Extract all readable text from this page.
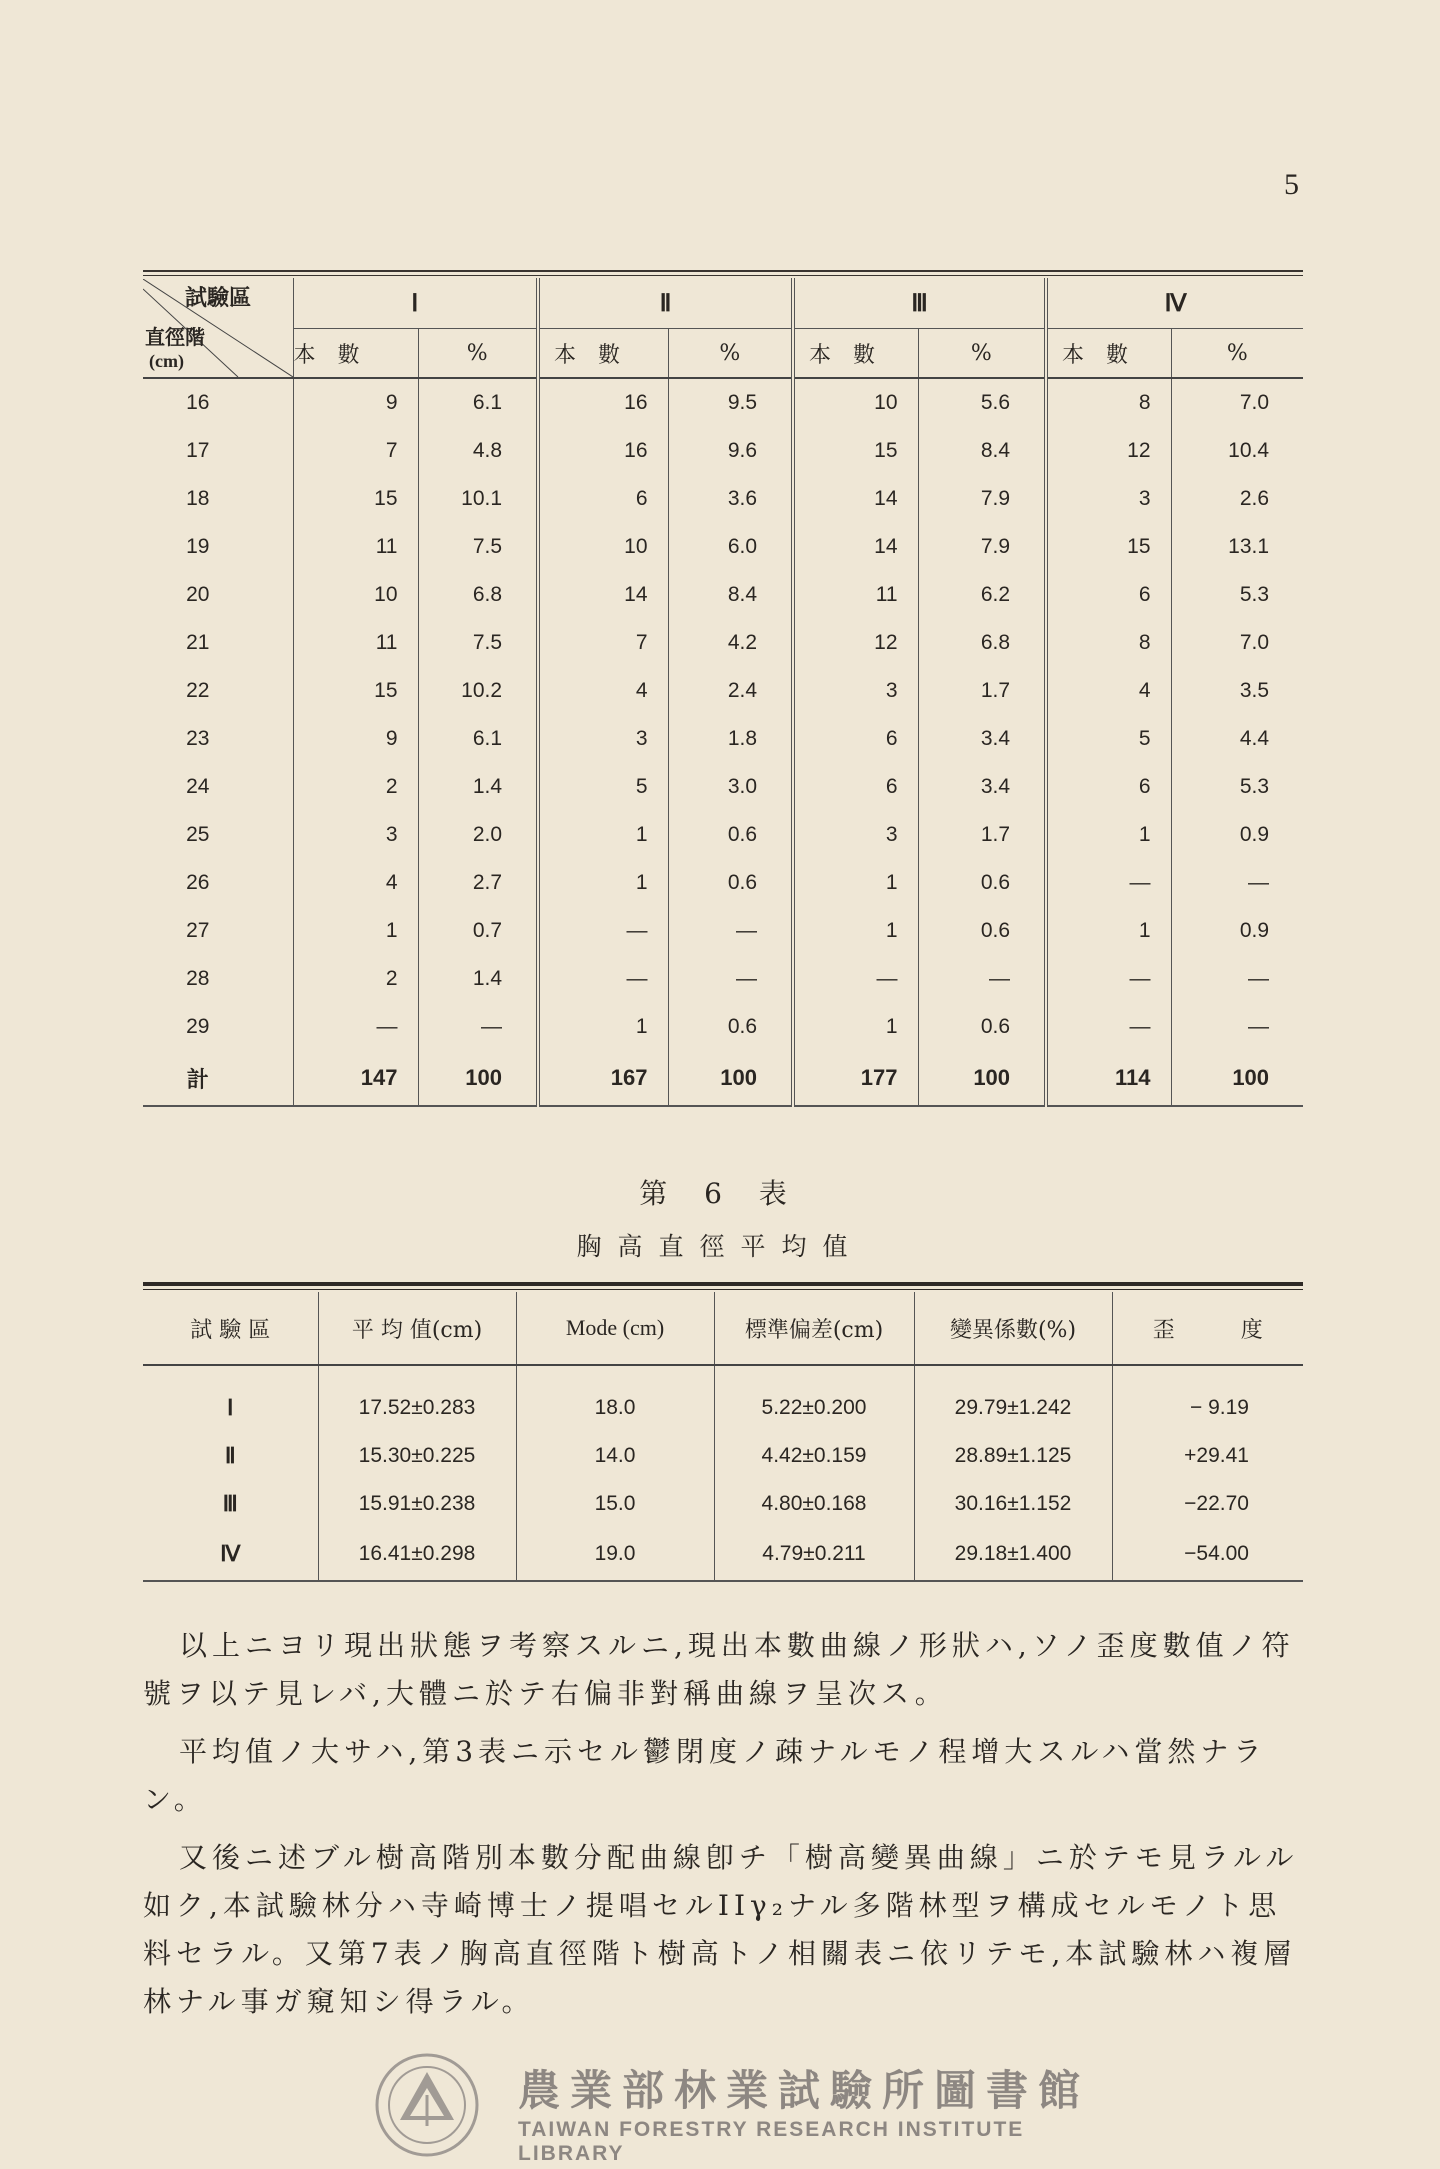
5
試驗區
直徑階
(cm)	Ⅰ		Ⅱ		Ⅲ		Ⅳ	
	本　數	%	本　數	%	本　數	%	本　數	%
16	9	6.1	16	9.5	10	5.6	8	7.0
17	7	4.8	16	9.6	15	8.4	12	10.4
18	15	10.1	6	3.6	14	7.9	3	2.6
19	11	7.5	10	6.0	14	7.9	15	13.1
20	10	6.8	14	8.4	11	6.2	6	5.3
21	11	7.5	7	4.2	12	6.8	8	7.0
22	15	10.2	4	2.4	3	1.7	4	3.5
23	9	6.1	3	1.8	6	3.4	5	4.4
24	2	1.4	5	3.0	6	3.4	6	5.3
25	3	2.0	1	0.6	3	1.7	1	0.9
26	4	2.7	1	0.6	1	0.6	—	—
27	1	0.7	—	—	1	0.6	1	0.9
28	2	1.4	—	—	—	—	—	—
29	—	—	1	0.6	1	0.6	—	—
計	147	100	167	100	177	100	114	100
第 6 表
胸高直徑平均值
試 驗 區	平 均 值(cm)	Mode (cm)	標準偏差(cm)	變異係數(%)	歪　　　度
Ⅰ	17.52±0.283	18.0	5.22±0.200	29.79±1.242	− 9.19
Ⅱ	15.30±0.225	14.0	4.42±0.159	28.89±1.125	+29.41
Ⅲ	15.91±0.238	15.0	4.80±0.168	30.16±1.152	−22.70
Ⅳ	16.41±0.298	19.0	4.79±0.211	29.18±1.400	−54.00

以上ニヨリ現出狀態ヲ考察スルニ,現出本數曲線ノ形狀ハ,ソノ歪度數值ノ符號ヲ以テ見レバ,大體ニ於テ右偏非對稱曲線ヲ呈次ス。

平均值ノ大サハ,第3表ニ示セル鬱閉度ノ疎ナルモノ程增大スルハ當然ナラン。

又後ニ述ブル樹高階別本數分配曲線卽チ「樹高變異曲線」ニ於テモ見ラルル如ク,本試驗林分ハ寺崎博士ノ提唱セルIIγ₂ナル多階林型ヲ構成セルモノト思料セラル。又第7表ノ胸高直徑階ト樹高トノ相關表ニ依リテモ,本試驗林ハ複層林ナル事ガ窺知シ得ラル。

農業部林業試驗所圖書館
TAIWAN FORESTRY RESEARCH INSTITUTE LIBRARY
